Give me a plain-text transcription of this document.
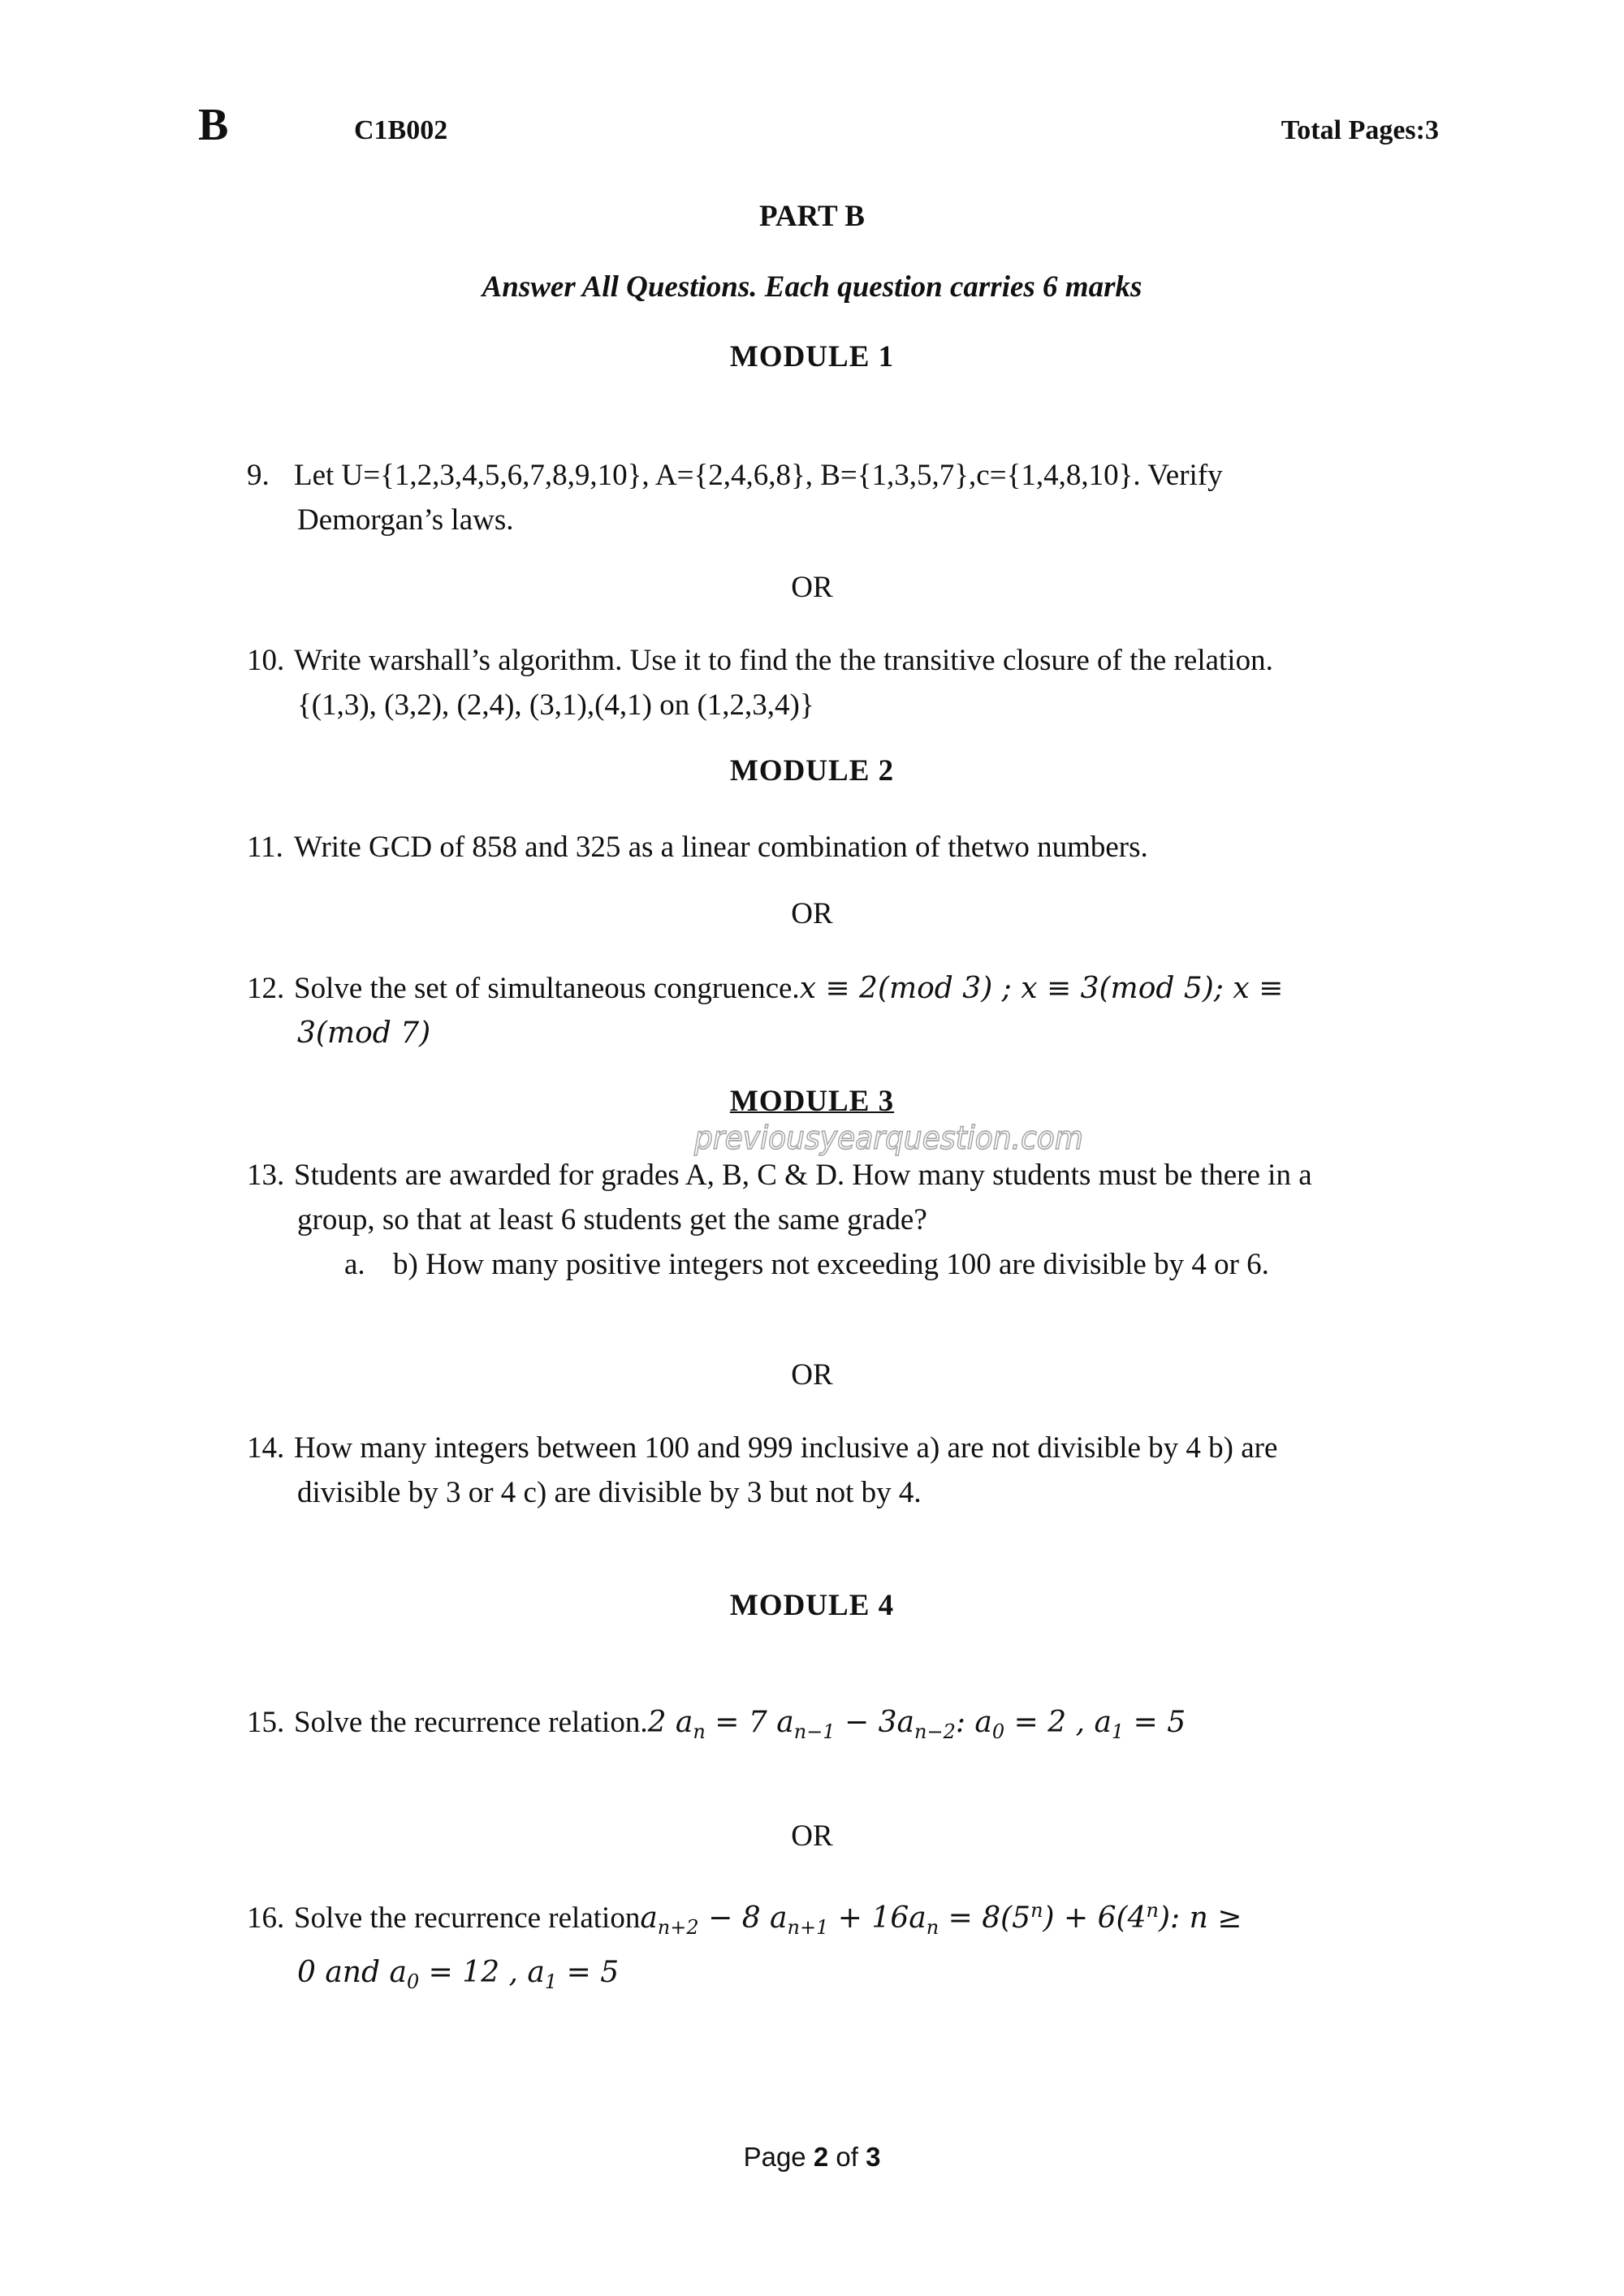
B	C1B002	Total Pages:3
PART B
Answer All Questions. Each question carries 6 marks
MODULE 1
9. Let U={1,2,3,4,5,6,7,8,9,10}, A={2,4,6,8}, B={1,3,5,7},c={1,4,8,10}. Verify
Demorgan’s laws.
OR
10. Write warshall’s algorithm. Use it to find the the transitive closure of the relation.
{(1,3), (3,2), (2,4), (3,1),(4,1) on (1,2,3,4)}
MODULE 2
11. Write GCD of 858 and 325 as a linear combination of thetwo numbers.
OR
12. Solve the set of simultaneous congruence.x ≡ 2(mod 3) ; x ≡ 3(mod 5); x ≡
3(mod 7)
MODULE 3
previousyearquestion.com
13. Students are awarded for grades A, B, C & D. How many students must be there in a
group, so that at least 6 students get the same grade?
a. b) How many positive integers not exceeding 100 are divisible by 4 or 6.
OR
14. How many integers between 100 and 999 inclusive a) are not divisible by 4 b) are
divisible by 3 or 4 c) are divisible by 3 but not by 4.
MODULE 4
15. Solve the recurrence relation.2 $a_n = 7$ $a_{n-1} - 3a_{n-2}$: $a_0 = 2$ , $a_1 = 5$
OR
16. Solve the recurrence relationa$_{n+2}$ − 8 $a_{n+1} + 16a_n = 8(5^n) + 6(4^n)$: n ≥
0 and $a_0 = 12$ , $a_1 = 5$
Page 2 of 3
